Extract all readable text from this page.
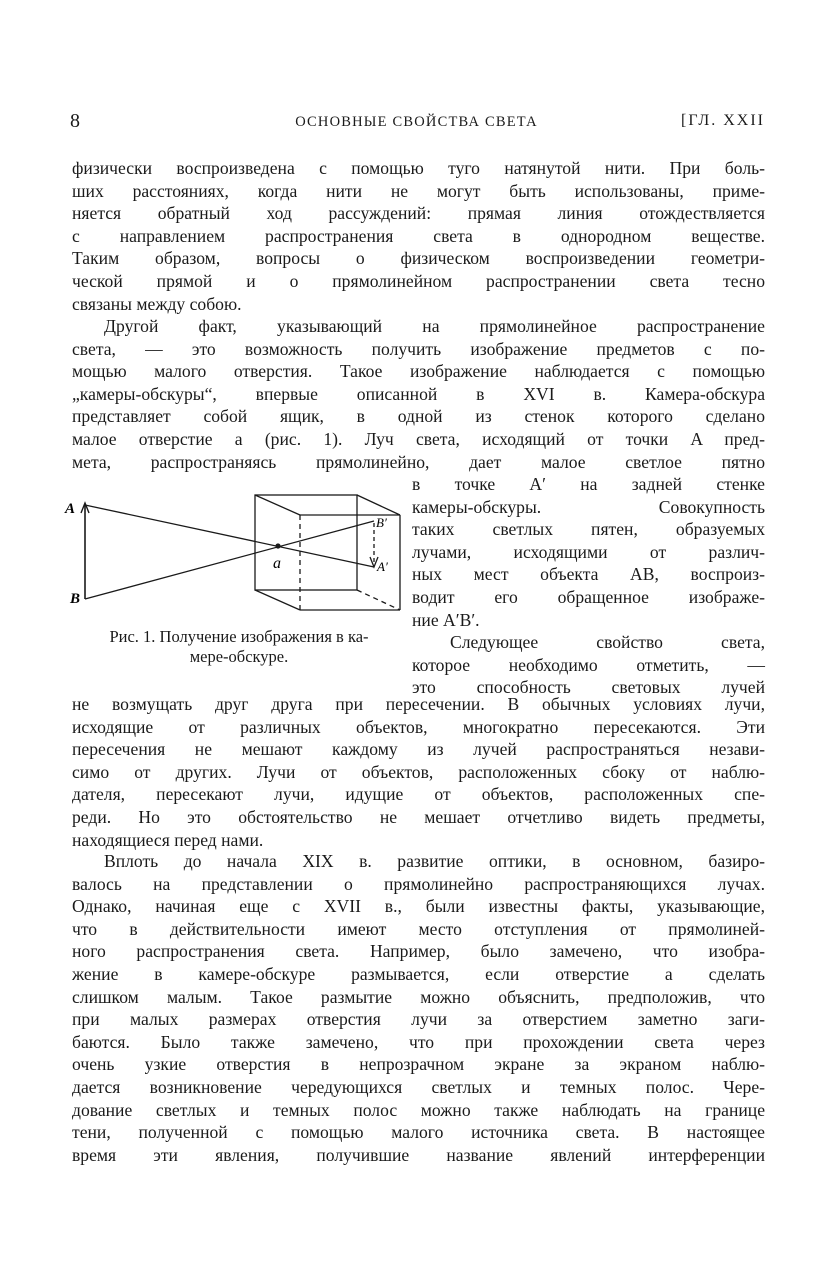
8	ОСНОВНЫЕ СВОЙСТВА СВЕТА	[ГЛ. XXII
физически воспроизведена с помощью туго натянутой нити. При боль-
ших расстояниях, когда нити не могут быть использованы, приме-
няется обратный ход рассуждений: прямая линия отождествляется
с направлением распространения света в однородном веществе.
Таким образом, вопросы о физическом воспроизведении геометри-
ческой прямой и о прямолинейном распространении света тесно
связаны между собою.
Другой факт, указывающий на прямолинейное распространение
света, — это возможность получить изображение предметов с по-
мощью малого отверстия. Такое изображение наблюдается с помощью
„камеры-обскуры“, впервые описанной в XVI в. Камера-обскура
представляет собой ящик, в одной из стенок которого сделано
малое отверстие a (рис. 1). Луч света, исходящий от точки A пред-
мета, распространяясь прямолинейно, дает малое светлое пятно
A
B
a
B′
A′
Рис. 1. Получение изображения в ка-
мере-обскуре.
в точке A′ на задней стенке
камеры-обскуры. Совокупность
таких светлых пятен, образуемых
лучами, исходящими от различ-
ных мест объекта AB, воспроиз-
водит его обращенное изображе-
ние A′B′.
Следующее свойство света,
которое необходимо отметить, —
это способность световых лучей
не возмущать друг друга при пересечении. В обычных условиях лучи,
исходящие от различных объектов, многократно пересекаются. Эти
пересечения не мешают каждому из лучей распространяться незави-
симо от других. Лучи от объектов, расположенных сбоку от наблю-
дателя, пересекают лучи, идущие от объектов, расположенных спе-
реди. Но это обстоятельство не мешает отчетливо видеть предметы,
находящиеся перед нами.
Вплоть до начала XIX в. развитие оптики, в основном, базиро-
валось на представлении о прямолинейно распространяющихся лучах.
Однако, начиная еще с XVII в., были известны факты, указывающие,
что в действительности имеют место отступления от прямолиней-
ного распространения света. Например, было замечено, что изобра-
жение в камере-обскуре размывается, если отверстие a сделать
слишком малым. Такое размытие можно объяснить, предположив, что
при малых размерах отверстия лучи за отверстием заметно заги-
баются. Было также замечено, что при прохождении света через
очень узкие отверстия в непрозрачном экране за экраном наблю-
дается возникновение чередующихся светлых и темных полос. Чере-
дование светлых и темных полос можно также наблюдать на границе
тени, полученной с помощью малого источника света. В настоящее
время эти явления, получившие название явлений интерференции
